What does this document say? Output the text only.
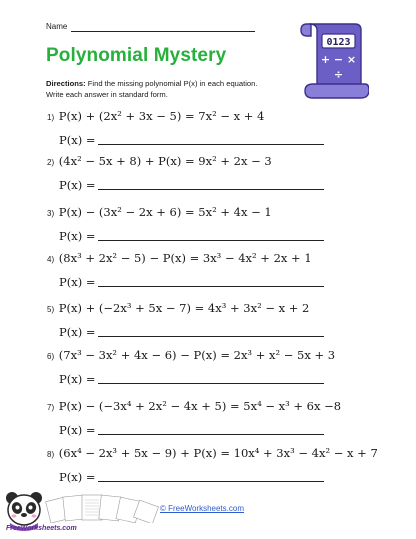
Name
Polynomial Mystery
Directions: Find the missing polynomial P(x) in each equation.
Write each answer in standard form.
0123
+ − ×
÷
1) P(x) + (2x² + 3x − 5) = 7x² − x + 4
P(x) =
2) (4x² − 5x + 8) + P(x) = 9x² + 2x − 3
P(x) =
3) P(x) − (3x² − 2x + 6) = 5x² + 4x − 1
P(x) =
4) (8x³ + 2x² − 5) − P(x) = 3x³ − 4x² + 2x + 1
P(x) =
5) P(x) + (−2x³ + 5x − 7) = 4x³ + 3x² − x + 2
P(x) =
6) (7x³ − 3x² + 4x − 6) − P(x) = 2x³ + x² − 5x + 3
P(x) =
7) P(x) − (−3x⁴ + 2x² − 4x + 5) = 5x⁴ − x³ + 6x −8
P(x) =
8) (6x⁴ − 2x³ + 5x − 9) + P(x) = 10x⁴ + 3x³ − 4x² − x + 7
P(x) =
FreeWorksheets.com
© FreeWorksheets.com
